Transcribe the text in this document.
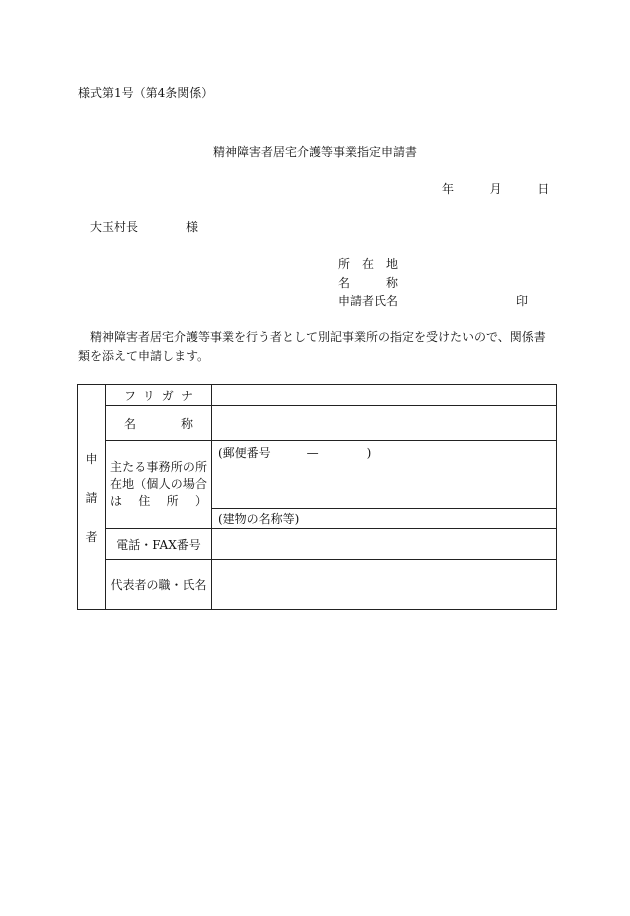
様式第1号（第4条関係）
精神障害者居宅介護等事業指定申請書
年	月	日
大玉村長	様
所　在　地
名　　　称
申請者氏名	印
精神障害者居宅介護等事業を行う者として別記事業所の指定を受けたいので、関係書類を添えて申請します。
申
請
者	フリガナ	

	名称	

	主たる事務所の所在地（個人の場合は住所）	(郵便番号　　　—　　　　)
		(建物の名称等)
	電話・FAX番号	
	代表者の職・氏名	
